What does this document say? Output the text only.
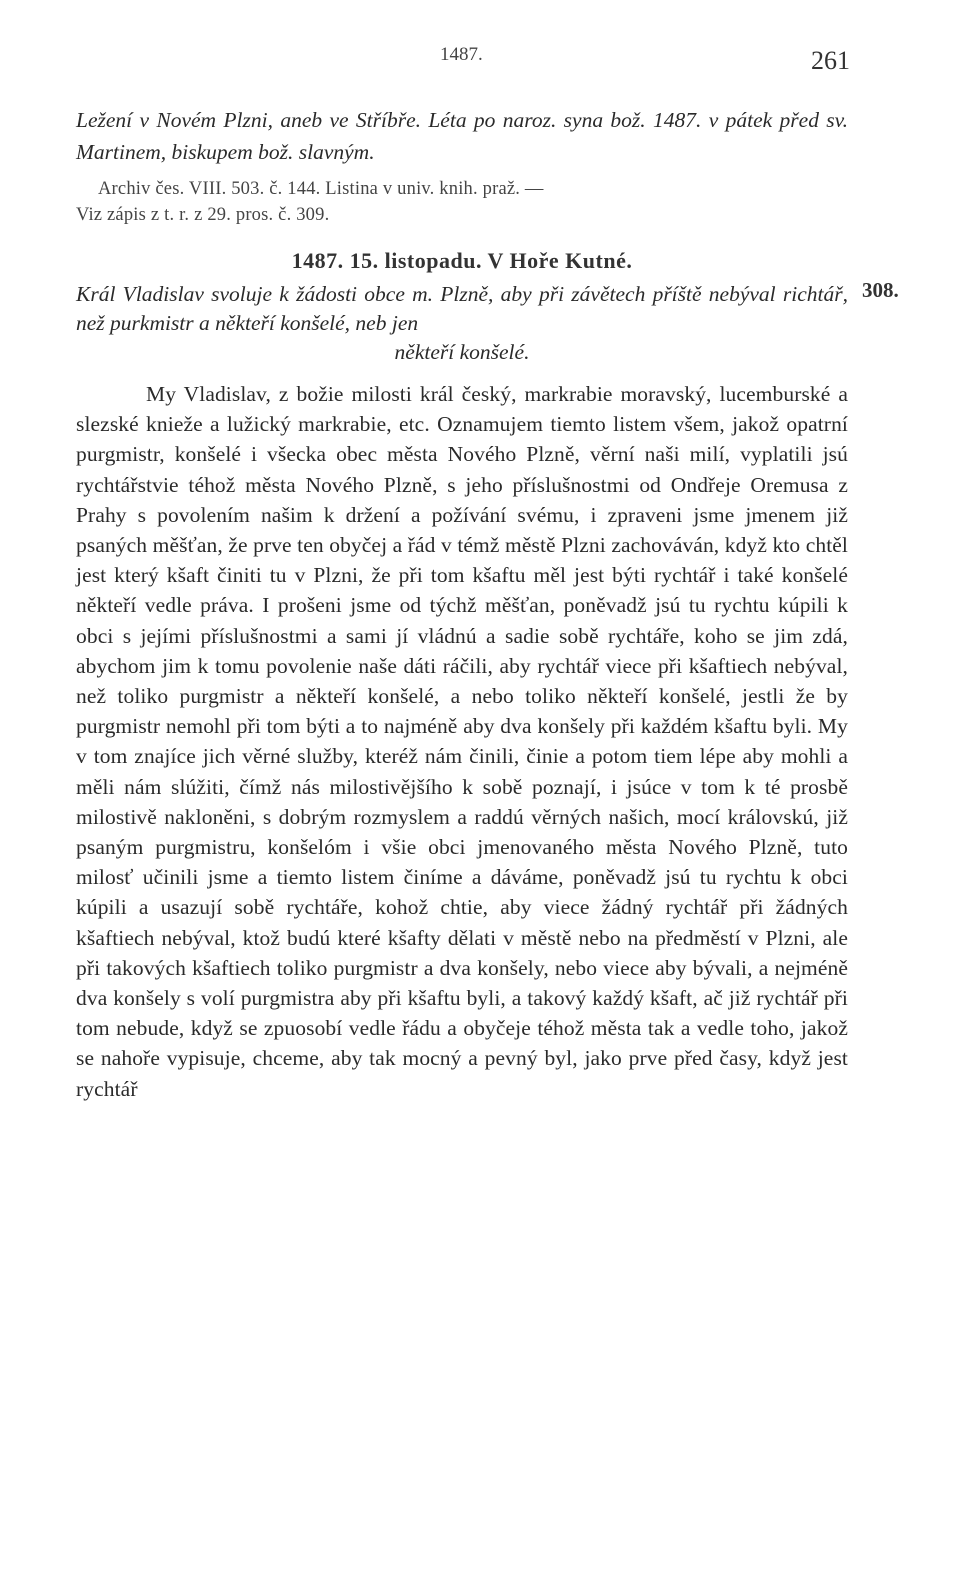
1487.	261

Ležení v Novém Plzni, aneb ve Stříbře. Léta po naroz. syna bož. 1487. v pátek před sv. Martinem, biskupem bož. slavným.

Archiv čes. VIII. 503. č. 144. Listina v univ. knih. praž. —
Viz zápis z t. r. z 29. pros. č. 309.

1487. 15. listopadu. V Hoře Kutné.

Král Vladislav svoluje k žádosti obce m. Plzně, aby při závětech příště nebýval richtář, než purkmistr a někteří konšelé, neb jen
někteří konšelé.

My Vladislav, z božie milosti král český, markrabie moravský, lucemburské a slezské knieže a lužický markrabie, etc. Oznamujem tiemto listem všem, jakož opatrní purgmistr, konšelé i všecka obec města Nového Plzně, věrní naši milí, vyplatili jsú rychtářstvie téhož města Nového Plzně, s jeho příslušnostmi od Ondřeje Oremusa z Prahy s povolením našim k držení a požívání svému, i zpraveni jsme jmenem již psaných měšťan, že prve ten obyčej a řád v témž městě Plzni zachováván, když kto chtěl jest který kšaft činiti tu v Plzni, že při tom kšaftu měl jest býti rychtář i také konšelé někteří vedle práva. I prošeni jsme od týchž měšťan, poněvadž jsú tu rychtu kúpili k obci s jejími příslušnostmi a sami jí vládnú a sadie sobě rychtáře, koho se jim zdá, abychom jim k tomu povolenie naše dáti ráčili, aby rychtář viece při kšaftiech nebýval, než toliko purgmistr a někteří konšelé, a nebo toliko někteří konšelé, jestli že by purgmistr nemohl při tom býti a to najméně aby dva konšely při každém kšaftu byli. My v tom znajíce jich věrné služby, kteréž nám činili, činie a potom tiem lépe aby mohli a měli nám slúžiti, čímž nás milostivějšího k sobě poznají, i jsúce v tom k té prosbě milostivě nakloněni, s dobrým rozmyslem a raddú věrných našich, mocí královskú, již psaným purgmistru, konšelóm i všie obci jmenovaného města Nového Plzně, tuto milosť učinili jsme a tiemto listem činíme a dáváme, poněvadž jsú tu rychtu k obci kúpili a usazují sobě rychtáře, kohož chtie, aby viece žádný rychtář při žádných kšaftiech nebýval, ktož budú které kšafty dělati v městě nebo na předměstí v Plzni, ale při takových kšaftiech toliko purgmistr a dva konšely, nebo viece aby bývali, a nejméně dva konšely s volí purgmistra aby při kšaftu byli, a takový každý kšaft, ač již rychtář při tom nebude, když se zpuosobí vedle řádu a obyčeje téhož města tak a vedle toho, jakož se nahoře vypisuje, chceme, aby tak mocný a pevný byl, jako prve před časy, když jest rychtář

308.
